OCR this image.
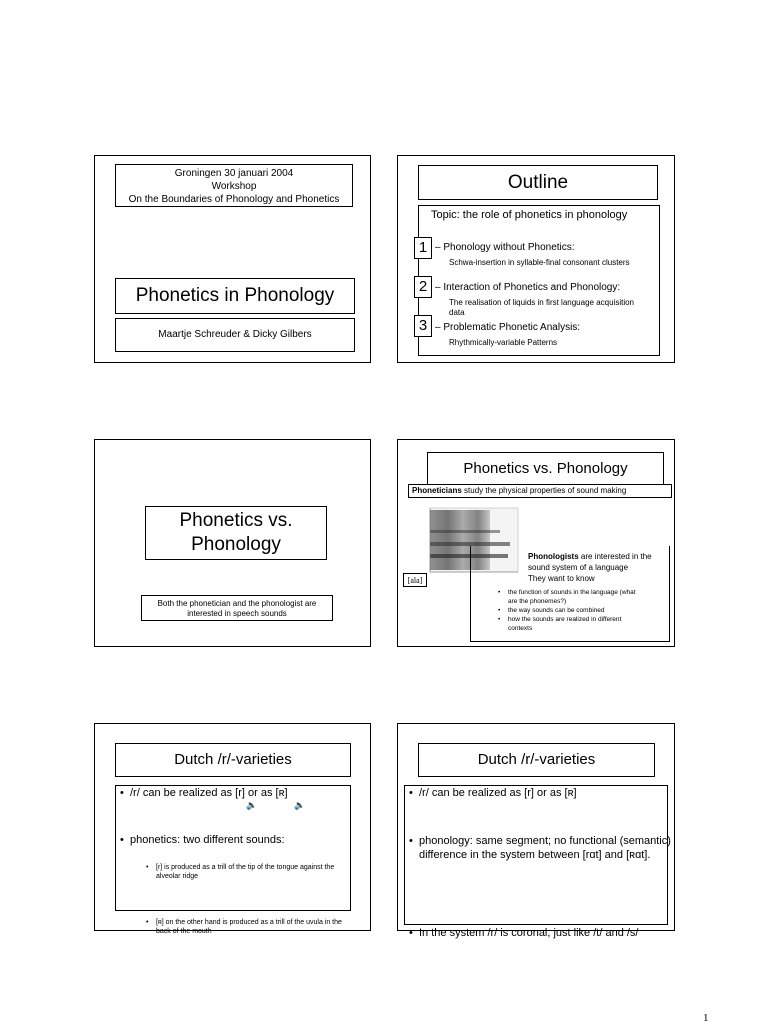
Groningen 30 januari 2004
Workshop
On the Boundaries of Phonology and Phonetics
Phonetics in Phonology
Maartje Schreuder & Dicky Gilbers
Outline
Topic: the role of phonetics in phonology
1 – Phonology without Phonetics:
Schwa-insertion in syllable-final consonant clusters
2 – Interaction of Phonetics and Phonology:
The realisation of liquids in first language acquisition data
3 – Problematic Phonetic Analysis:
Rhythmically-variable Patterns
Phonetics vs. Phonology
Both the phonetician and the phonologist are interested in speech sounds
Phonetics vs. Phonology
Phoneticians study the physical properties of sound making
[ala]
Phonologists are interested in the sound system of a language
They want to know
• the function of sounds in the language (what are the phonemes?)
• the way sounds can be combined
• how the sounds are realized in different contexts
Dutch /r/-varieties
• /r/ can be realized as [r] or as [ʀ]
🔈	🔈
• phonetics: two different sounds:
• [r] is produced as a trill of the tip of the tongue against the alveolar ridge
• [ʀ] on the other hand is produced as a trill of the uvula in the back of the mouth
Dutch /r/-varieties
• /r/ can be realized as [r] or as [ʀ]
• phonology: same segment; no functional (semantic) difference in the system between [rɑt] and [ʀɑt].
• In the system /r/ is coronal, just like /t/ and /s/
1
